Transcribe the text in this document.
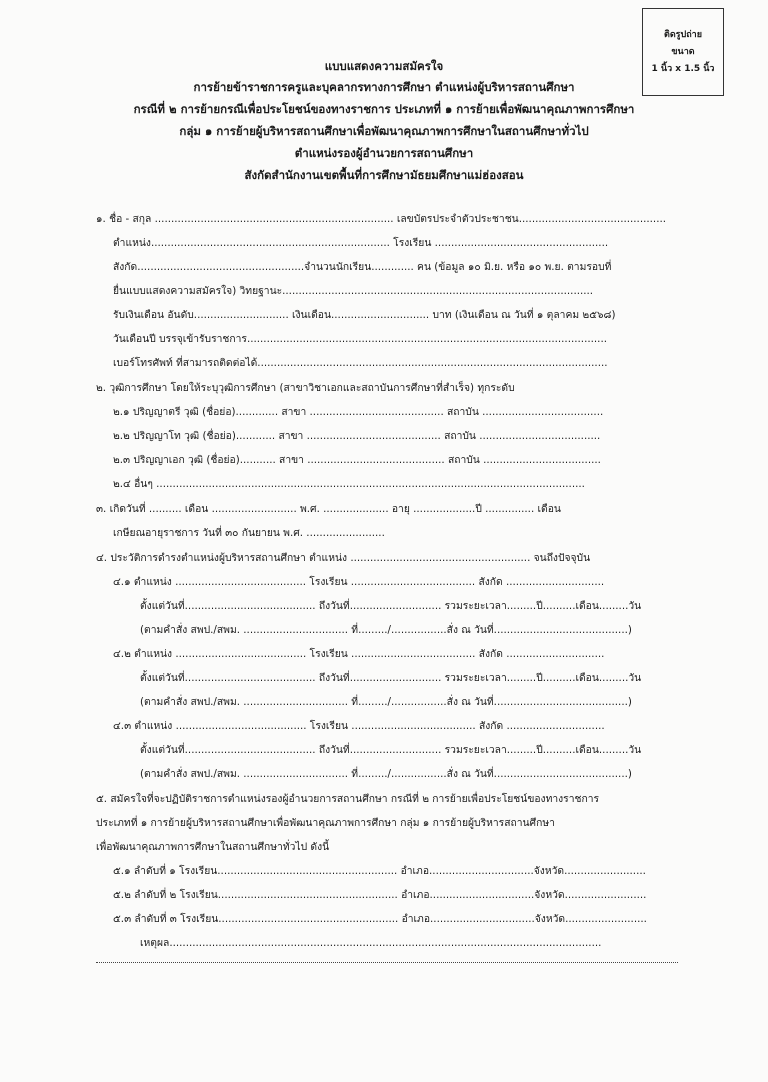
ติดรูปถ่าย
ขนาด
1 นิ้ว x 1.5 นิ้ว
แบบแสดงความสมัครใจ
การย้ายข้าราชการครูและบุคลากรทางการศึกษา ตำแหน่งผู้บริหารสถานศึกษา
กรณีที่ ๒ การย้ายกรณีเพื่อประโยชน์ของทางราชการ ประเภทที่ ๑ การย้ายเพื่อพัฒนาคุณภาพการศึกษา
กลุ่ม ๑ การย้ายผู้บริหารสถานศึกษาเพื่อพัฒนาคุณภาพการศึกษาในสถานศึกษาทั่วไป
ตำแหน่งรองผู้อำนวยการสถานศึกษา
สังกัดสำนักงานเขตพื้นที่การศึกษามัธยมศึกษาแม่ฮ่องสอน
๑. ชื่อ - สกุล ......................................................................... เลขบัตรประจำตัวประชาชน.............................................
ตำแหน่ง......................................................................... โรงเรียน .....................................................
สังกัด...................................................จำนวนนักเรียน............. คน (ข้อมูล ๑๐ มิ.ย. หรือ ๑๐ พ.ย. ตามรอบที่
ยื่นแบบแสดงความสมัครใจ) วิทยฐานะ...............................................................................................
รับเงินเดือน อันดับ............................. เงินเดือน.............................. บาท (เงินเดือน ณ วันที่ ๑ ตุลาคม ๒๕๖๘)
วันเดือนปี บรรจุเข้ารับราชการ..............................................................................................................
เบอร์โทรศัพท์ ที่สามารถติดต่อได้...........................................................................................................
๒. วุฒิการศึกษา โดยให้ระบุวุฒิการศึกษา (สาขาวิชาเอกและสถาบันการศึกษาที่สำเร็จ) ทุกระดับ
๒.๑ ปริญญาตรี วุฒิ (ชื่อย่อ)............. สาขา ......................................... สถาบัน .....................................
๒.๒ ปริญญาโท วุฒิ (ชื่อย่อ)............ สาขา ......................................... สถาบัน .....................................
๒.๓ ปริญญาเอก วุฒิ (ชื่อย่อ)........... สาขา .......................................... สถาบัน ....................................
๒.๔ อื่นๆ ...................................................................................................................................
๓. เกิดวันที่ .......... เดือน .......................... พ.ศ. .................... อายุ ...................ปี ............... เดือน
เกษียณอายุราชการ วันที่ ๓๐ กันยายน พ.ศ. ........................
๔. ประวัติการดำรงตำแหน่งผู้บริหารสถานศึกษา ตำแหน่ง ....................................................... จนถึงปัจจุบัน
๔.๑ ตำแหน่ง ........................................ โรงเรียน ...................................... สังกัด ..............................
ตั้งแต่วันที่........................................ ถึงวันที่............................ รวมระยะเวลา.........ปี..........เดือน.........วัน
(ตามคำสั่ง สพป./สพม. ................................ ที่........./.................สั่ง ณ วันที่.........................................)
๔.๒ ตำแหน่ง ........................................ โรงเรียน ...................................... สังกัด ..............................
ตั้งแต่วันที่........................................ ถึงวันที่............................ รวมระยะเวลา.........ปี..........เดือน.........วัน
(ตามคำสั่ง สพป./สพม. ................................ ที่........./.................สั่ง ณ วันที่.........................................)
๔.๓ ตำแหน่ง ........................................ โรงเรียน ...................................... สังกัด ..............................
ตั้งแต่วันที่........................................ ถึงวันที่............................ รวมระยะเวลา.........ปี..........เดือน.........วัน
(ตามคำสั่ง สพป./สพม. ................................ ที่........./.................สั่ง ณ วันที่.........................................)
๕. สมัครใจที่จะปฏิบัติราชการตำแหน่งรองผู้อำนวยการสถานศึกษา กรณีที่ ๒ การย้ายเพื่อประโยชน์ของทางราชการ
ประเภทที่ ๑ การย้ายผู้บริหารสถานศึกษาเพื่อพัฒนาคุณภาพการศึกษา กลุ่ม ๑ การย้ายผู้บริหารสถานศึกษา
เพื่อพัฒนาคุณภาพการศึกษาในสถานศึกษาทั่วไป ดังนี้
๕.๑ ลำดับที่ ๑ โรงเรียน....................................................... อำเภอ................................จังหวัด.........................
๕.๒ ลำดับที่ ๒ โรงเรียน....................................................... อำเภอ................................จังหวัด.........................
๕.๓ ลำดับที่ ๓ โรงเรียน....................................................... อำเภอ................................จังหวัด.........................
เหตุผล....................................................................................................................................
